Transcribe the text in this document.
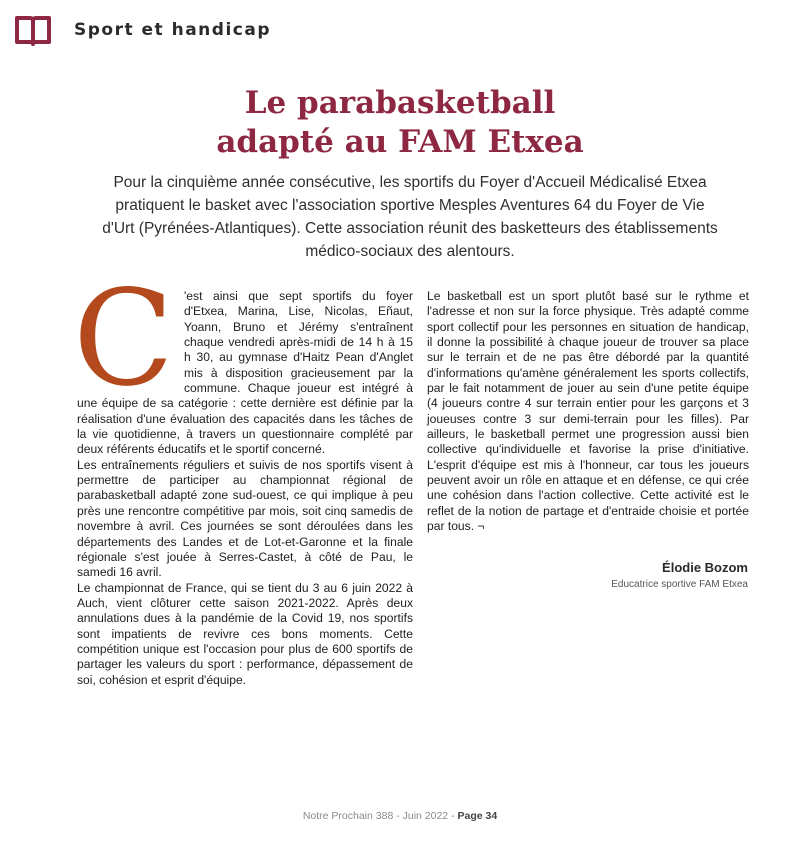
Sport et handicap
Le parabasketball
adapté au FAM Etxea

Pour la cinquième année consécutive, les sportifs du Foyer d'Accueil Médicalisé Etxea pratiquent le basket avec l'association sportive Mesples Aventures 64 du Foyer de Vie d'Urt (Pyrénées-Atlantiques). Cette association réunit des basketteurs des établissements médico-sociaux des alentours.

C 'est ainsi que sept sportifs du foyer d'Etxea, Marina, Lise, Nicolas, Eñaut, Yoann, Bruno et Jérémy s'entraînent chaque vendredi après-midi de 14 h à 15 h 30, au gymnase d'Haitz Pean d'Anglet mis à disposition gracieusement par la commune. Chaque joueur est intégré à une équipe de sa catégorie : cette dernière est définie par la réalisation d'une évaluation des capacités dans les tâches de la vie quotidienne, à travers un questionnaire complété par deux référents éducatifs et le sportif concerné.

Les entraînements réguliers et suivis de nos sportifs visent à permettre de participer au championnat régional de parabasketball adapté zone sud-ouest, ce qui implique à peu près une rencontre compétitive par mois, soit cinq samedis de novembre à avril. Ces journées se sont déroulées dans les départements des Landes et de Lot-et-Garonne et la finale régionale s'est jouée à Serres-Castet, à côté de Pau, le samedi 16 avril.

Le championnat de France, qui se tient du 3 au 6 juin 2022 à Auch, vient clôturer cette saison 2021-2022. Après deux annulations dues à la pandémie de la Covid 19, nos sportifs sont impatients de revivre ces bons moments. Cette compétition unique est l'occasion pour plus de 600 sportifs de partager les valeurs du sport : performance, dépassement de soi, cohésion et esprit d'équipe.

Le basketball est un sport plutôt basé sur le rythme et l'adresse et non sur la force physique. Très adapté comme sport collectif pour les personnes en situation de handicap, il donne la possibilité à chaque joueur de trouver sa place sur le terrain et de ne pas être débordé par la quantité d'informations qu'amène généralement les sports collectifs, par le fait notamment de jouer au sein d'une petite équipe (4 joueurs contre 4 sur terrain entier pour les garçons et 3 joueuses contre 3 sur demi-terrain pour les filles). Par ailleurs, le basketball permet une progression aussi bien collective qu'individuelle et favorise la prise d'initiative. L'esprit d'équipe est mis à l'honneur, car tous les joueurs peuvent avoir un rôle en attaque et en défense, ce qui crée une cohésion dans l'action collective. Cette activité est le reflet de la notion de partage et d'entraide choisie et portée par tous. ¬

Élodie Bozom
Educatrice sportive FAM Etxea
Notre Prochain 388 - Juin 2022 - Page 34
